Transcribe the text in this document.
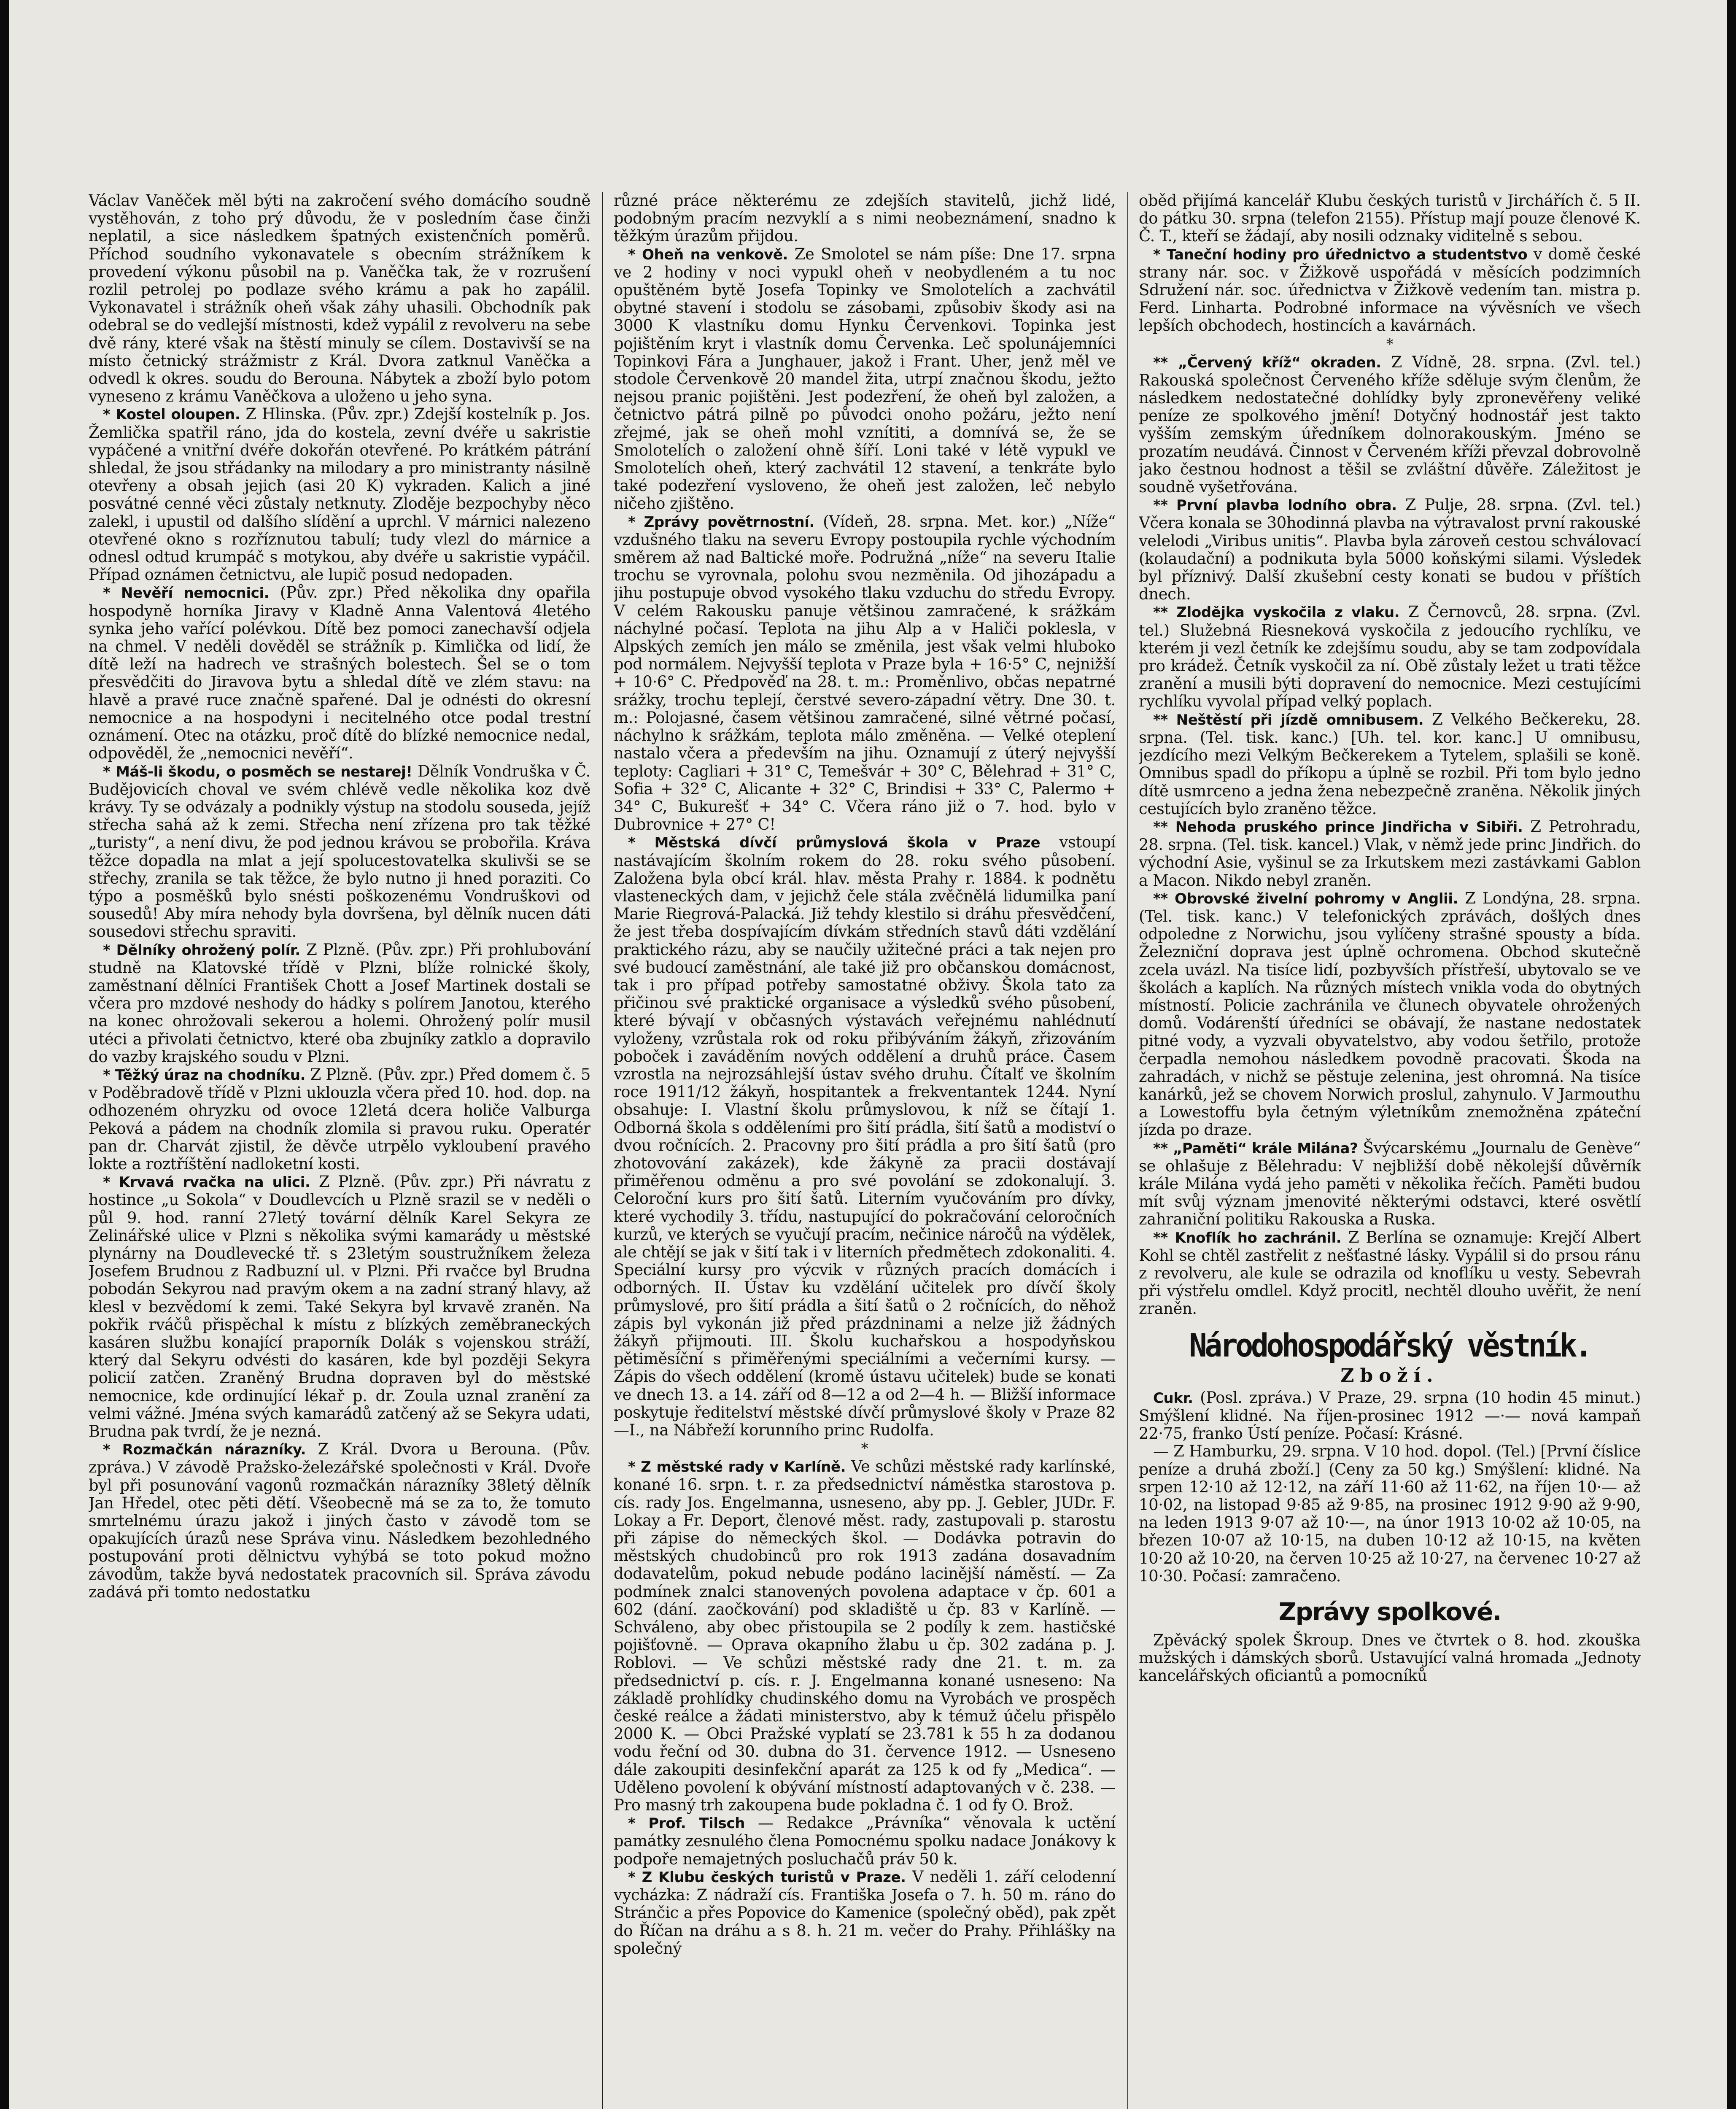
Václav Vaněček měl býti na zakročení svého domácího soudně vystěhován, z toho prý důvodu, že v posledním čase činži neplatil, a sice následkem špatných existenčních poměrů. Příchod soudního vykonavatele s obecním strážníkem k provedení výkonu působil na p. Vaněčka tak, že v rozrušení rozlil petrolej po podlaze svého krámu a pak ho zapálil. Vykonavatel i strážník oheň však záhy uhasili. Obchodník pak odebral se do vedlejší místnosti, kdež vypálil z revolveru na sebe dvě rány, které však na štěstí minuly se cílem. Dostavivší se na místo četnický strážmistr z Král. Dvora zatknul Vaněčka a odvedl k okres. soudu do Berouna. Nábytek a zboží bylo potom vyneseno z krámu Vaněčkova a uloženo u jeho syna.

* Kostel oloupen. Z Hlinska. (Pův. zpr.) Zdejší kostelník p. Jos. Žemlička spatřil ráno, jda do kostela, zevní dvéře u sakristie vypáčené a vnitřní dvéře dokořán otevřené. Po krátkém pátrání shledal, že jsou střádanky na milodary a pro ministranty násilně otevřeny a obsah jejich (asi 20 K) vykraden. Kalich a jiné posvátné cenné věci zůstaly netknuty. Zloděje bezpochyby něco zalekl, i upustil od dalšího slídění a uprchl. V márnici nalezeno otevřené okno s rozříznutou tabulí; tudy vlezl do márnice a odnesl odtud krumpáč s motykou, aby dvéře u sakristie vypáčil. Případ oznámen četnictvu, ale lupič posud nedopaden.

* Nevěří nemocnici. (Pův. zpr.) Před několika dny opařila hospodyně horníka Jiravy v Kladně Anna Valentová 4letého synka jeho vařící polévkou. Dítě bez pomoci zanechavší odjela na chmel. V neděli dověděl se strážník p. Kimlička od lidí, že dítě leží na hadrech ve strašných bolestech. Šel se o tom přesvědčiti do Jiravova bytu a shledal dítě ve zlém stavu: na hlavě a pravé ruce značně spařené. Dal je odnésti do okresní nemocnice a na hospodyni i necitelného otce podal trestní oznámení. Otec na otázku, proč dítě do blízké nemocnice nedal, odpověděl, že „nemocnici nevěří“.

* Máš-li škodu, o posměch se nestarej! Dělník Vondruška v Č. Budějovicích choval ve svém chlévě vedle několika koz dvě krávy. Ty se odvázaly a podnikly výstup na stodolu souseda, jejíž střecha sahá až k zemi. Střecha není zřízena pro tak těžké „turisty“, a není divu, že pod jednou krávou se probořila. Kráva těžce dopadla na mlat a její spolucestovatelka skulivši se se střechy, zranila se tak těžce, že bylo nutno ji hned poraziti. Co týpo a posměšků bylo snésti poškozenému Vondruškovi od sousedů! Aby míra nehody byla dovršena, byl dělník nucen dáti sousedovi střechu spraviti.

* Dělníky ohrožený polír. Z Plzně. (Pův. zpr.) Při prohlubování studně na Klatovské třídě v Plzni, blíže rolnické školy, zaměstnaní dělníci František Chott a Josef Martinek dostali se včera pro mzdové neshody do hádky s polírem Janotou, kterého na konec ohrožovali sekerou a holemi. Ohrožený polír musil utéci a přivolati četnictvo, které oba zbujníky zatklo a dopravilo do vazby krajského soudu v Plzni.

* Těžký úraz na chodníku. Z Plzně. (Pův. zpr.) Před domem č. 5 v Poděbradově třídě v Plzni uklouzla včera před 10. hod. dop. na odhozeném ohryzku od ovoce 12letá dcera holiče Valburga Peková a pádem na chodník zlomila si pravou ruku. Operatér pan dr. Charvát zjistil, že děvče utrpělo vykloubení pravého lokte a roztříštění nadloketní kosti.

* Krvavá rvačka na ulici. Z Plzně. (Pův. zpr.) Při návratu z hostince „u Sokola“ v Doudlevcích u Plzně srazil se v neděli o půl 9. hod. ranní 27letý tovární dělník Karel Sekyra ze Zelinářské ulice v Plzni s několika svými kamarády u městské plynárny na Doudlevecké tř. s 23letým soustružníkem železa Josefem Brudnou z Radbuzní ul. v Plzni. Při rvačce byl Brudna pobodán Sekyrou nad pravým okem a na zadní straný hlavy, až klesl v bezvědomí k zemi. Také Sekyra byl krvavě zraněn. Na pokřik rváčů přispěchal k místu z blízkých zeměbraneckých kasáren službu konající praporník Dolák s vojenskou stráží, který dal Sekyru odvésti do kasáren, kde byl později Sekyra policií zatčen. Zraněný Brudna dopraven byl do městské nemocnice, kde ordinující lékař p. dr. Zoula uznal zranění za velmi vážné. Jména svých kamarádů zatčený až se Sekyra udati, Brudna pak tvrdí, že je nezná.

* Rozmačkán nárazníky. Z Král. Dvora u Berouna. (Pův. zpráva.) V závodě Pražsko-železářské společnosti v Král. Dvoře byl při posunování vagonů rozmačkán nárazníky 38letý dělník Jan Hředel, otec pěti dětí. Všeobecně má se za to, že tomuto smrtelnému úrazu jakož i jiných často v závodě tom se opakujících úrazů nese Správa vinu. Následkem bezohledného postupování proti dělnictvu vyhýbá se toto pokud možno závodům, takže byvá nedostatek pracovních sil. Správa závodu zadává při tomto nedostatku

různé práce některému ze zdejších stavitelů, jichž lidé, podobným pracím nezvyklí a s nimi neobeznámení, snadno k těžkým úrazům přijdou.

* Oheň na venkově. Ze Smolotel se nám píše: Dne 17. srpna ve 2 hodiny v noci vypukl oheň v neobydleném a tu noc opuštěném bytě Josefa Topinky ve Smolotelích a zachvátil obytné stavení i stodolu se zásobami, způsobiv škody asi na 3000 K vlastníku domu Hynku Červenkovi. Topinka jest pojištěním kryt i vlastník domu Červenka. Leč spolunájemníci Topinkovi Fára a Junghauer, jakož i Frant. Uher, jenž měl ve stodole Červenkově 20 mandel žita, utrpí značnou škodu, ježto nejsou pranic pojištěni. Jest podezření, že oheň byl založen, a četnictvo pátrá pilně po původci onoho požáru, ježto není zřejmé, jak se oheň mohl vznítiti, a domnívá se, že se Smolotelích o založení ohně šíří. Loni také v létě vypukl ve Smolotelích oheň, který zachvátil 12 stavení, a tenkráte bylo také podezření vysloveno, že oheň jest založen, leč nebylo ničeho zjištěno.

* Zprávy povětrnostní. (Vídeň, 28. srpna. Met. kor.) „Níže“ vzdušného tlaku na severu Evropy postoupila rychle východním směrem až nad Baltické moře. Podružná „níže“ na severu Italie trochu se vyrovnala, polohu svou nezměnila. Od jihozápadu a jihu postupuje obvod vysokého tlaku vzduchu do středu Evropy. V celém Rakousku panuje většinou zamračené, k srážkám náchylné počasí. Teplota na jihu Alp a v Haliči poklesla, v Alpských zemích jen málo se změnila, jest však velmi hluboko pod normálem. Nejvyšší teplota v Praze byla + 16·5° C, nejnižší + 10·6° C. Předpověď na 28. t. m.: Proměnlivo, občas nepatrné srážky, trochu teplejí, čerstvé severo-západní větry. Dne 30. t. m.: Polojasné, časem většinou zamračené, silné větrné počasí, náchylno k srážkám, teplota málo změněna. — Velké oteplení nastalo včera a především na jihu. Oznamují z úterý nejvyšší teploty: Cagliari + 31° C, Temešvár + 30° C, Bělehrad + 31° C, Sofia + 32° C, Alicante + 32° C, Brindisi + 33° C, Palermo + 34° C, Bukurešť + 34° C. Včera ráno již o 7. hod. bylo v Dubrovnice + 27° C!

* Městská dívčí průmyslová škola v Praze vstoupí nastávajícím školním rokem do 28. roku svého působení. Založena byla obcí král. hlav. města Prahy r. 1884. k podnětu vlasteneckých dam, v jejichž čele stála zvěčnělá lidumilka paní Marie Riegrová-Palacká. Již tehdy klestilo si dráhu přesvědčení, že jest třeba dospívajícím dívkám středních stavů dáti vzdělání praktického rázu, aby se naučily užitečné práci a tak nejen pro své budoucí zaměstnání, ale také již pro občanskou domácnost, tak i pro případ potřeby samostatné obživy. Škola tato za přičinou své praktické organisace a výsledků svého působení, které bývají v občasných výstavách veřejnému nahlédnutí vyloženy, vzrůstala rok od roku přibýváním žákyň, zřizováním poboček i zaváděním nových oddělení a druhů práce. Časem vzrostla na nejrozsáhlejší ústav svého druhu. Čítalť ve školním roce 1911/12 žákyň, hospitantek a frekventantek 1244. Nyní obsahuje: I. Vlastní školu průmyslovou, k níž se čítají 1. Odborná škola s odděleními pro šití prádla, šití šatů a modiství o dvou ročnících. 2. Pracovny pro šití prádla a pro šití šatů (pro zhotovování zakázek), kde žákyně za pracii dostávají přiměřenou odměnu a pro své povolání se zdokonalují. 3. Celoroční kurs pro šití šatů. Literním vyučováním pro dívky, které vychodily 3. třídu, nastupující do pokračování celoročních kurzů, ve kterých se vyučují pracím, nečinice náročů na výdělek, ale chtějí se jak v šití tak i v literních předmětech zdokonaliti. 4. Speciální kursy pro výcvik v různých pracích domácích i odborných. II. Ústav ku vzdělání učitelek pro dívčí školy průmyslové, pro šití prádla a šití šatů o 2 ročnících, do něhož zápis byl vykonán již před prázdninami a nelze již žádných žákyň přijmouti. III. Školu kuchařskou a hospodyňskou pětiměsíční s přiměřenými speciálními a večerními kursy. — Zápis do všech oddělení (kromě ústavu učitelek) bude se konati ve dnech 13. a 14. září od 8—12 a od 2—4 h. — Bližší informace poskytuje ředitelství městské dívčí průmyslové školy v Praze 82—I., na Nábřeží korunního princ Rudolfa.

*

* Z městské rady v Karlíně. Ve schůzi městské rady karlínské, konané 16. srpn. t. r. za předsednictví náměstka starostova p. cís. rady Jos. Engelmanna, usneseno, aby pp. J. Gebler, JUDr. F. Lokay a Fr. Deport, členové měst. rady, zastupovali p. starostu při zápise do německých škol. — Dodávka potravin do městských chudobinců pro rok 1913 zadána dosavadním dodavatelům, pokud nebude podáno lacinější náměstí. — Za podmínek znalci stanovených povolena adaptace v čp. 601 a 602 (dání. zaočkování) pod skladiště u čp. 83 v Karlíně. — Schváleno, aby obec přistoupila se 2 podíly k zem. hastičské pojišťovně. — Oprava okapního žlabu u čp. 302 zadána p. J. Roblovi. — Ve schůzi městské rady dne 21. t. m. za předsednictví p. cís. r. J. Engelmanna konané usneseno: Na základě prohlídky chudinského domu na Vyrobách ve prospěch české reálce a žádati ministerstvo, aby k témuž účelu přispělo 2000 K. — Obci Pražské vyplatí se 23.781 k 55 h za dodanou vodu řeční od 30. dubna do 31. července 1912. — Usneseno dále zakoupiti desinfekční aparát za 125 k od fy „Medica“. — Uděleno povolení k obývání místností adaptovaných v č. 238. — Pro masný trh zakoupena bude pokladna č. 1 od fy O. Brož.

* Prof. Tilsch — Redakce „Právníka“ věnovala k uctění památky zesnulého člena Pomocnému spolku nadace Jonákovy k podpoře nemajetných posluchačů práv 50 k.

* Z Klubu českých turistů v Praze. V neděli 1. září celodenní vycházka: Z nádraží cís. Františka Josefa o 7. h. 50 m. ráno do Stránčic a přes Popovice do Kamenice (společný oběd), pak zpět do Říčan na dráhu a s 8. h. 21 m. večer do Prahy. Přihlášky na společný

oběd přijímá kancelář Klubu českých turistů v Jirchářích č. 5 II. do pátku 30. srpna (telefon 2155). Přístup mají pouze členové K. Č. T., kteří se žádají, aby nosili odznaky viditelně s sebou.

* Taneční hodiny pro úřednictvo a studentstvo v domě české strany nár. soc. v Žižkově uspořádá v měsících podzimních Sdružení nár. soc. úřednictva v Žižkově vedením tan. mistra p. Ferd. Linharta. Podrobné informace na vývěsních ve všech lepších obchodech, hostincích a kavárnách.

*

** „Červený kříž“ okraden. Z Vídně, 28. srpna. (Zvl. tel.) Rakouská společnost Červeného kříže sděluje svým členům, že následkem nedostatečné dohlídky byly zpronevěřeny veliké peníze ze spolkového jmění! Dotyčný hodnostář jest takto vyšším zemským úředníkem dolnorakouským. Jméno se prozatím neudává. Činnost v Červeném kříži převzal dobrovolně jako čestnou hodnost a těšil se zvláštní důvěře. Záležitost je soudně vyšetřována.

** První plavba lodního obra. Z Pulje, 28. srpna. (Zvl. tel.) Včera konala se 30hodinná plavba na výtravalost první rakouské velelodi „Viribus unitis“. Plavba byla zároveň cestou schválovací (kolaudační) a podnikuta byla 5000 koňskými silami. Výsledek byl příznivý. Další zkušební cesty konati se budou v příštích dnech.

** Zlodějka vyskočila z vlaku. Z Černovců, 28. srpna. (Zvl. tel.) Služebná Riesneková vyskočila z jedoucího rychlíku, ve kterém ji vezl četník ke zdejšímu soudu, aby se tam zodpovídala pro krádež. Četník vyskočil za ní. Obě zůstaly ležet u trati těžce zranění a musili býti dopravení do nemocnice. Mezi cestujícími rychlíku vyvolal případ velký poplach.

** Neštěstí při jízdě omnibusem. Z Velkého Bečkereku, 28. srpna. (Tel. tisk. kanc.) [Uh. tel. kor. kanc.] U omnibusu, jezdícího mezi Velkým Bečkerekem a Tytelem, splašili se koně. Omnibus spadl do příkopu a úplně se rozbil. Při tom bylo jedno dítě usmrceno a jedna žena nebezpečně zraněna. Několik jiných cestujících bylo zraněno těžce.

** Nehoda pruského prince Jindřicha v Sibiři. Z Petrohradu, 28. srpna. (Tel. tisk. kancel.) Vlak, v němž jede princ Jindřich. do východní Asie, vyšinul se za Irkutskem mezi zastávkami Gablon a Macon. Nikdo nebyl zraněn.

** Obrovské živelní pohromy v Anglii. Z Londýna, 28. srpna. (Tel. tisk. kanc.) V telefonických zprávách, došlých dnes odpoledne z Norwichu, jsou vylíčeny strašné spousty a bída. Železniční doprava jest úplně ochromena. Obchod skutečně zcela uvázl. Na tisíce lidí, pozbyvších přístřeší, ubytovalo se ve školách a kaplích. Na různých místech vnikla voda do obytných místností. Policie zachránila ve člunech obyvatele ohrožených domů. Vodárenští úředníci se obávají, že nastane nedostatek pitné vody, a vyzvali obyvatelstvo, aby vodou šetřilo, protože čerpadla nemohou následkem povodně pracovati. Škoda na zahradách, v nichž se pěstuje zelenina, jest ohromná. Na tisíce kanárků, jež se chovem Norwich proslul, zahynulo. V Jarmouthu a Lowestoffu byla četným výletníkům znemožněna zpáteční jízda po draze.

** „Paměti“ krále Milána? Švýcarskému „Journalu de Genève“ se ohlašuje z Bělehradu: V nejbližší době několejší důvěrník krále Milána vydá jeho paměti v několika řečích. Paměti budou mít svůj význam jmenovité některými odstavci, které osvětlí zahraniční politiku Rakouska a Ruska.

** Knoflík ho zachránil. Z Berlína se oznamuje: Krejčí Albert Kohl se chtěl zastřelit z nešťastné lásky. Vypálil si do prsou ránu z revolveru, ale kule se odrazila od knoflíku u vesty. Sebevrah při výstřelu omdlel. Když procitl, nechtěl dlouho uvěřit, že není zraněn.

Národohospodářský věstník.
Zboží.

Cukr. (Posl. zpráva.) V Praze, 29. srpna (10 hodin 45 minut.) Smýšlení klidné. Na říjen-prosinec 1912 —·— nová kampaň 22·75, franko Ústí peníze. Počasí: Krásné.

— Z Hamburku, 29. srpna. V 10 hod. dopol. (Tel.) [První číslice peníze a druhá zboží.] (Ceny za 50 kg.) Smýšlení: klidné. Na srpen 12·10 až 12·12, na září 11·60 až 11·62, na říjen 10·— až 10·02, na listopad 9·85 až 9·85, na prosinec 1912 9·90 až 9·90, na leden 1913 9·07 až 10·—, na únor 1913 10·02 až 10·05, na březen 10·07 až 10·15, na duben 10·12 až 10·15, na květen 10·20 až 10·20, na červen 10·25 až 10·27, na červenec 10·27 až 10·30. Počasí: zamračeno.

Zprávy spolkové.

Zpěvácký spolek Škroup. Dnes ve čtvrtek o 8. hod. zkouška mužských i dámských sborů. Ustavující valná hromada „Jednoty kancelářských oficiantů a pomocníků
